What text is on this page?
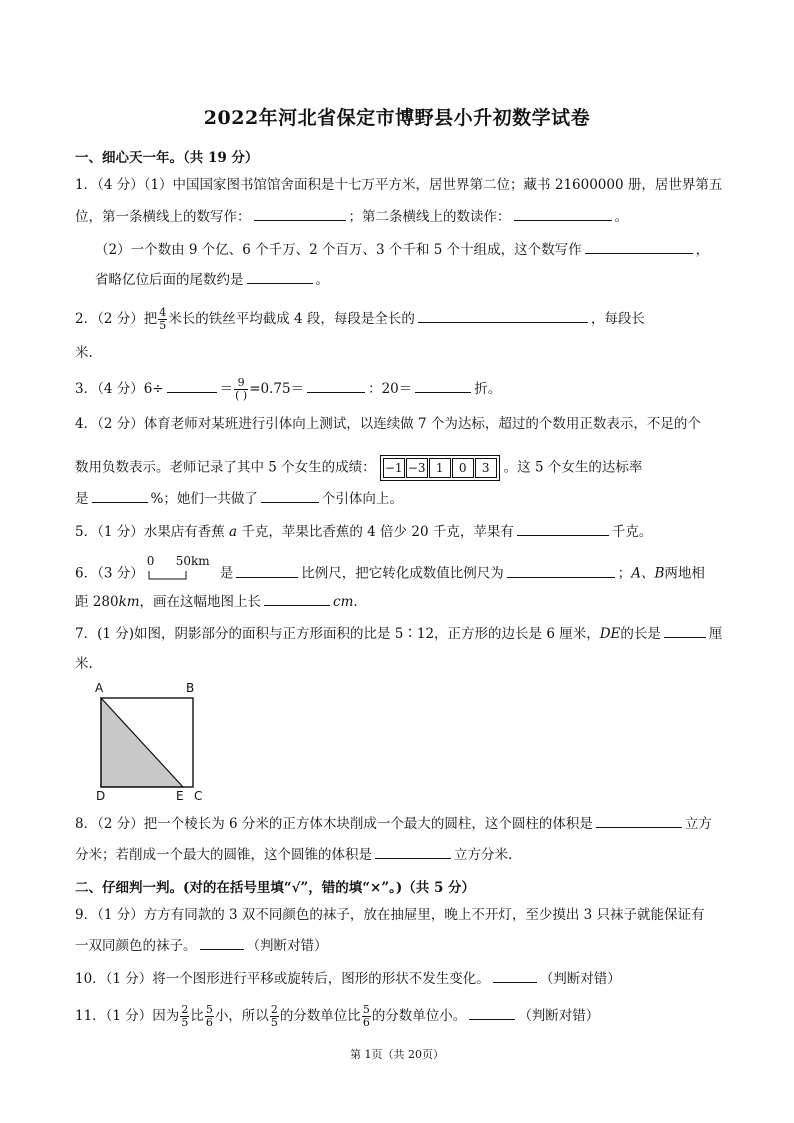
2022年河北省保定市博野县小升初数学试卷
一、细心天一年。（共 19 分）
1．（4 分）（1）中国国家图书馆馆舍面积是十七万平方米，居世界第二位；藏书 21600000 册，居世界第五
位，第一条横线上的数写作：	；第二条横线上的数读作：	。
（2）一个数由 9 个亿、6 个千万、2 个百万、3 个千和 5 个十组成，这个数写作	，
省略亿位后面的尾数约是	。
2．（2 分）把 $\frac{4}{5}$ 米长的铁丝平均截成 4 段，每段是全长的	，每段长
米.
3．（4 分）6÷	＝ $\frac{9}{( )} =0.75=$	：20＝	折。
4．（2 分）体育老师对某班进行引体向上测试，以连续做 7 个为达标，超过的个数用正数表示，不足的个
数用负数表示。老师记录了其中 5 个女生的成绩： −1 −3 1 0 3 。这 5 个女生的达标率
是	%；她们一共做了	个引体向上。
5．（1 分）水果店有香蕉 a 千克，苹果比香蕉的 4 倍少 20 千克，苹果有	千克。
6．（3 分）
0 50km
是	比例尺，把它转化成数值比例尺为	；A、B两地相
距 280km，画在这幅地图上长	cm.
7．(1 分)如图，阴影部分的面积与正方形面积的比是 5∶12，正方形的边长是 6 厘米，DE的长是	厘
米.
A	B
D	E C
8．（2 分）把一个棱长为 6 分米的正方体木块削成一个最大的圆柱，这个圆柱的体积是	立方
分米；若削成一个最大的圆锥，这个圆锥的体积是	立方分米.
二、仔细判一判。(对的在括号里填“√”，错的填“×”。)（共 5 分）
9．（1 分）方方有同款的 3 双不同颜色的袜子，放在抽屉里，晚上不开灯，至少摸出 3 只袜子就能保证有
一双同颜色的袜子。	（判断对错）
10．（1 分）将一个图形进行平移或旋转后，图形的形状不发生变化。	（判断对错）
11．（1 分）因为 $\frac{2}{5}$ 比 $\frac{5}{6}$ 小，所以 $\frac{2}{5}$ 的分数单位比 $\frac{5}{6}$ 的分数单位小。	（判断对错）
第 1页（共 20页）
